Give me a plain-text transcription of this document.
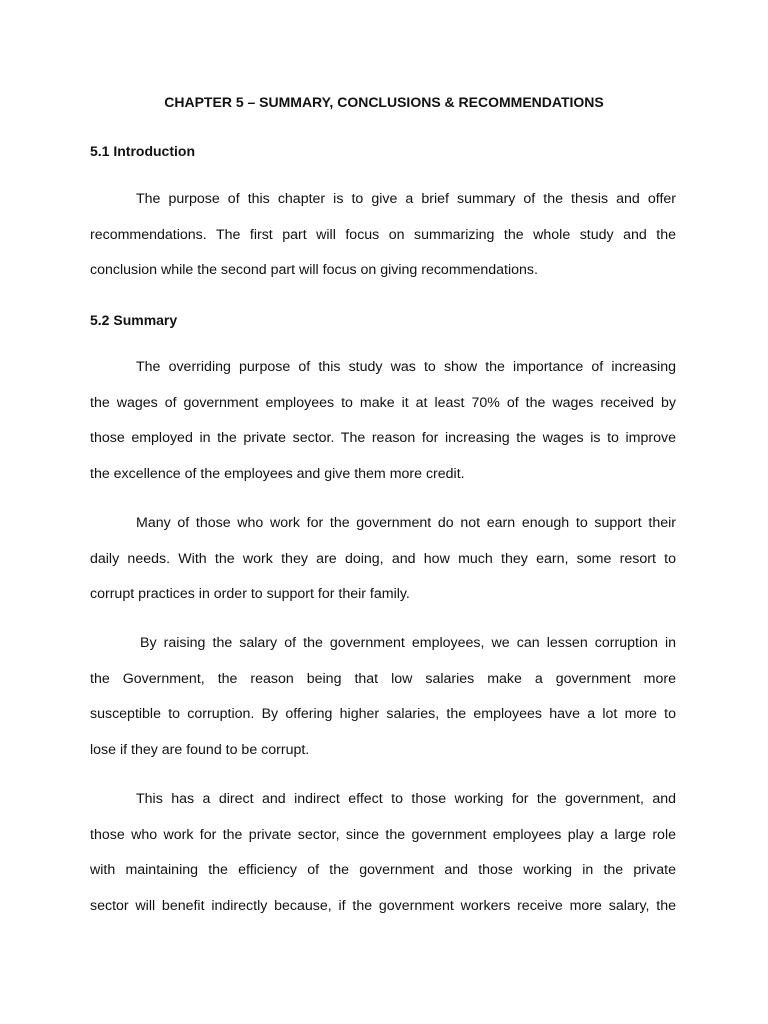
CHAPTER 5 – SUMMARY, CONCLUSIONS & RECOMMENDATIONS
5.1 Introduction
The purpose of this chapter is to give a brief summary of the thesis and offer
recommendations. The first part will focus on summarizing the whole study and the
conclusion while the second part will focus on giving recommendations.
5.2 Summary
The overriding purpose of this study was to show the importance of increasing
the wages of government employees to make it at least 70% of the wages received by
those employed in the private sector. The reason for increasing the wages is to improve
the excellence of the employees and give them more credit.
Many of those who work for the government do not earn enough to support their
daily needs. With the work they are doing, and how much they earn, some resort to
corrupt practices in order to support for their family.
By raising the salary of the government employees, we can lessen corruption in
the Government, the reason being that low salaries make a government more
susceptible to corruption. By offering higher salaries, the employees have a lot more to
lose if they are found to be corrupt.
This has a direct and indirect effect to those working for the government, and
those who work for the private sector, since the government employees play a large role
with maintaining the efficiency of the government and those working in the private
sector will benefit indirectly because, if the government workers receive more salary, the
